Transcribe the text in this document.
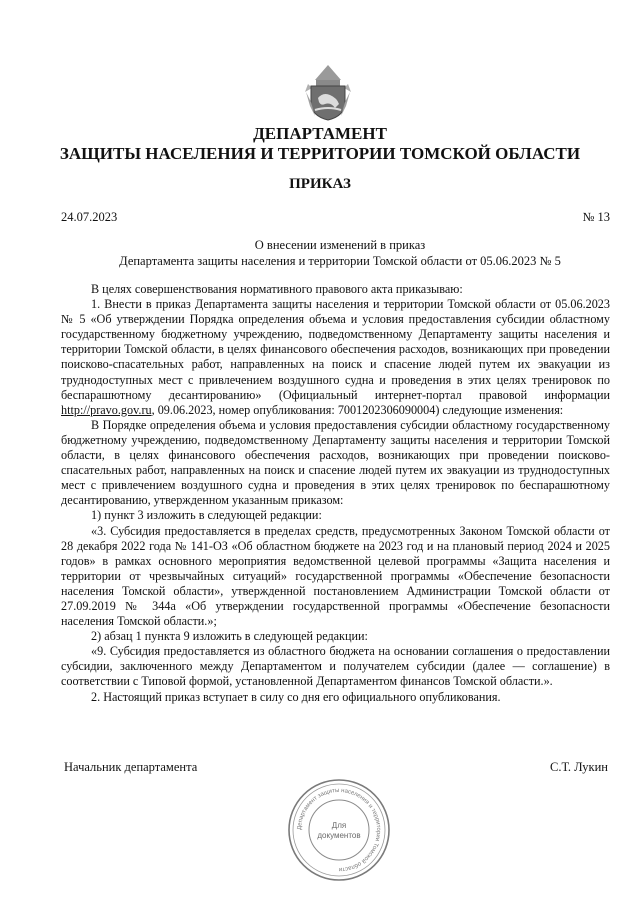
ДЕПАРТАМЕНТ

ЗАЩИТЫ НАСЕЛЕНИЯ И ТЕРРИТОРИИ ТОМСКОЙ ОБЛАСТИ

ПРИКАЗ

24.07.2023	№ 13
О внесении изменений в приказ
Департамента защиты населения и территории Томской области от 05.06.2023 № 5

В целях совершенствования нормативного правового акта приказываю:

1. Внести в приказ Департамента защиты населения и территории Томской области от 05.06.2023 № 5 «Об утверждении Порядка определения объема и условия предоставления субсидии областному государственному бюджетному учреждению, подведомственному Департаменту защиты населения и территории Томской области, в целях финансового обеспечения расходов, возникающих при проведении поисково-спасательных работ, направленных на поиск и спасение людей путем их эвакуации из труднодоступных мест с привлечением воздушного судна и проведения в этих целях тренировок по беспарашютному десантированию» (Официальный интернет-портал правовой информации http://pravo.gov.ru, 09.06.2023, номер опубликования: 7001202306090004) следующие изменения:

В Порядке определения объема и условия предоставления субсидии областному государственному бюджетному учреждению, подведомственному Департаменту защиты населения и территории Томской области, в целях финансового обеспечения расходов, возникающих при проведении поисково-спасательных работ, направленных на поиск и спасение людей путем их эвакуации из труднодоступных мест с привлечением воздушного судна и проведения в этих целях тренировок по беспарашютному десантированию, утвержденном указанным приказом:

1) пункт 3 изложить в следующей редакции:

«3. Субсидия предоставляется в пределах средств, предусмотренных Законом Томской области от 28 декабря 2022 года № 141-ОЗ «Об областном бюджете на 2023 год и на плановый период 2024 и 2025 годов» в рамках основного мероприятия ведомственной целевой программы «Защита населения и территории от чрезвычайных ситуаций» государственной программы «Обеспечение безопасности населения Томской области», утвержденной постановлением Администрации Томской области от 27.09.2019 № 344а «Об утверждении государственной программы «Обеспечение безопасности населения Томской области.»;

2) абзац 1 пункта 9 изложить в следующей редакции:

«9. Субсидия предоставляется из областного бюджета на основании соглашения о предоставлении субсидии, заключенного между Департаментом и получателем субсидии (далее — соглашение) в соответствии с Типовой формой, установленной Департаментом финансов Томской области.».

2. Настоящий приказ вступает в силу со дня его официального опубликования.

Начальник департамента	С.Т. Лукин
Департамент защиты населения и территории Томской области
Для
документов
